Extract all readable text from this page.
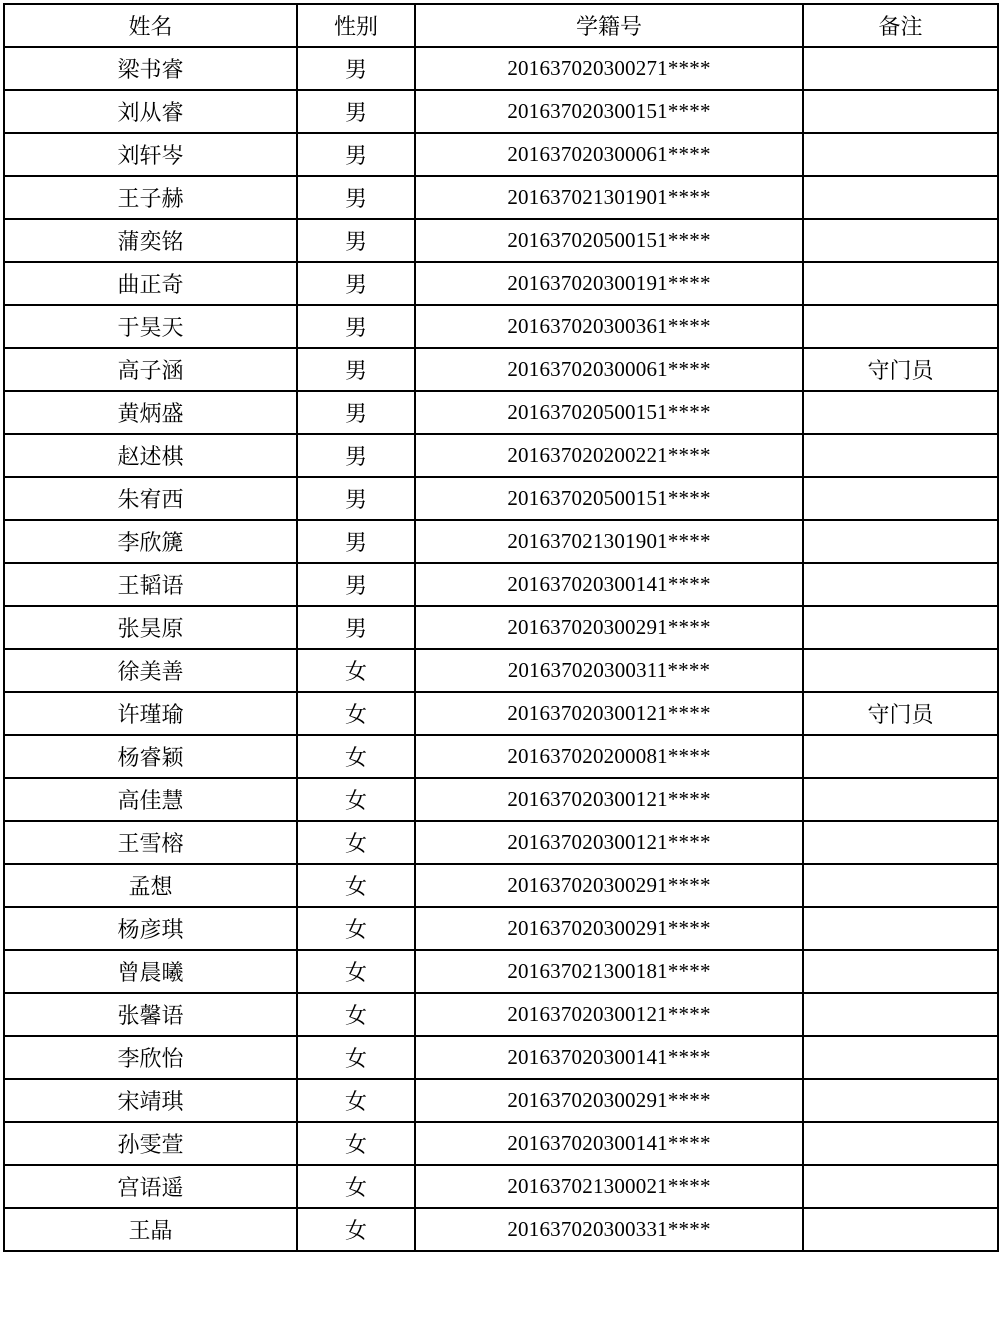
姓名	性别	学籍号	备注
梁书睿	男	201637020300271****	
刘从睿	男	201637020300151****	
刘轩岑	男	201637020300061****	
王子赫	男	201637021301901****	
蒲奕铭	男	201637020500151****	
曲正奇	男	201637020300191****	
于昊天	男	201637020300361****	
高子涵	男	201637020300061****	守门员
黄炳盛	男	201637020500151****	
赵述棋	男	201637020200221****	
朱宥西	男	201637020500151****	
李欣篪	男	201637021301901****	
王韬语	男	201637020300141****	
张昊原	男	201637020300291****	
徐美善	女	201637020300311****	
许瑾瑜	女	201637020300121****	守门员
杨睿颖	女	201637020200081****	
高佳慧	女	201637020300121****	
王雪榕	女	201637020300121****	
孟想	女	201637020300291****	
杨彦琪	女	201637020300291****	
曾晨曦	女	201637021300181****	
张馨语	女	201637020300121****	
李欣怡	女	201637020300141****	
宋靖琪	女	201637020300291****	
孙雯萱	女	201637020300141****	
宫语遥	女	201637021300021****	
王晶	女	201637020300331****	
